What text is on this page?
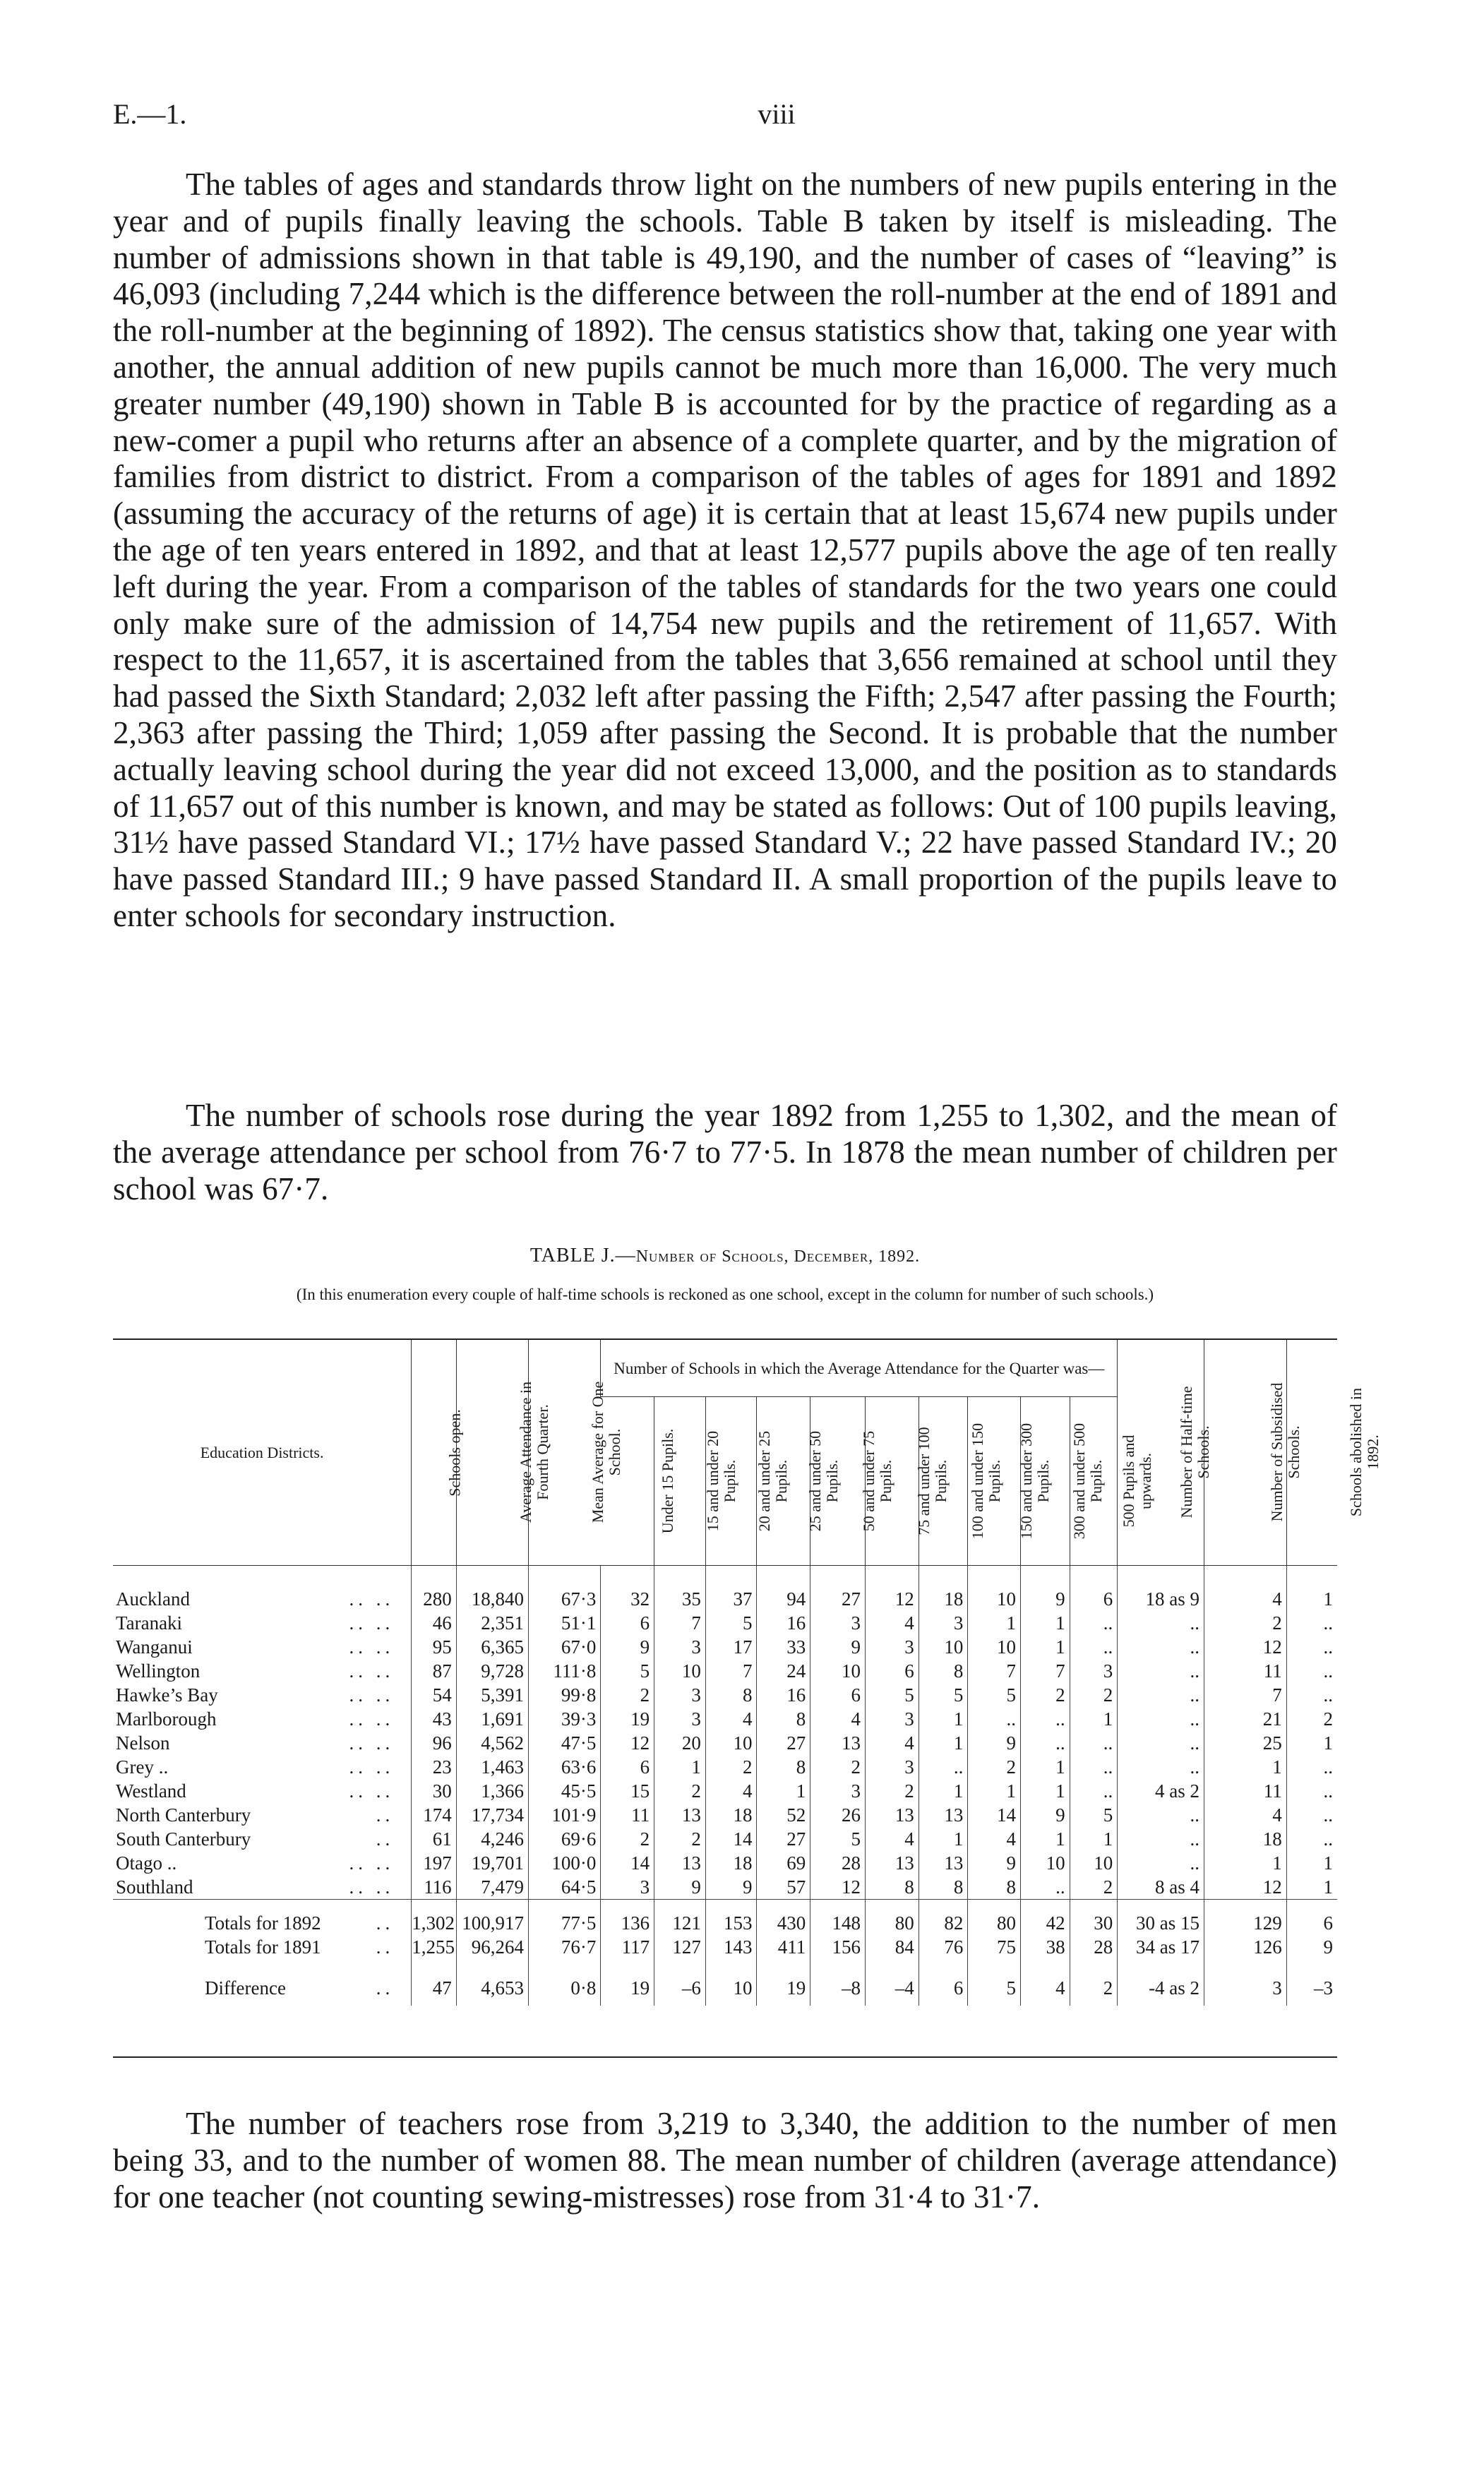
E.—1.	viii

The tables of ages and standards throw light on the numbers of new pupils entering in the year and of pupils finally leaving the schools. Table B taken by itself is misleading. The number of admissions shown in that table is 49,190, and the number of cases of “leaving” is 46,093 (including 7,244 which is the difference between the roll-number at the end of 1891 and the roll-number at the beginning of 1892). The census statistics show that, taking one year with another, the annual addition of new pupils cannot be much more than 16,000. The very much greater number (49,190) shown in Table B is accounted for by the practice of regarding as a new-comer a pupil who returns after an absence of a complete quarter, and by the migration of families from district to district. From a comparison of the tables of ages for 1891 and 1892 (assuming the accuracy of the returns of age) it is certain that at least 15,674 new pupils under the age of ten years entered in 1892, and that at least 12,577 pupils above the age of ten really left during the year. From a comparison of the tables of standards for the two years one could only make sure of the admission of 14,754 new pupils and the retirement of 11,657. With respect to the 11,657, it is ascertained from the tables that 3,656 remained at school until they had passed the Sixth Standard; 2,032 left after passing the Fifth; 2,547 after passing the Fourth; 2,363 after passing the Third; 1,059 after passing the Second. It is probable that the number actually leaving school during the year did not exceed 13,000, and the position as to standards of 11,657 out of this number is known, and may be stated as follows: Out of 100 pupils leaving, 31½ have passed Standard VI.; 17½ have passed Standard V.; 22 have passed Standard IV.; 20 have passed Standard III.; 9 have passed Standard II. A small proportion of the pupils leave to enter schools for secondary instruction.

The number of schools rose during the year 1892 from 1,255 to 1,302, and the mean of the average attendance per school from 76·7 to 77·5. In 1878 the mean number of children per school was 67·7.

TABLE J.—Number of Schools, December, 1892.
(In this enumeration every couple of half-time schools is reckoned as one school, except in the column for number of such schools.)
Education Districts.	Schools open.	Average Attendance in Fourth Quarter.	Mean Average for One School.	Number of Schools in which the Average Attendance for the Quarter was—										Number of Half-time Schools.	Number of Subsidised Schools.	Schools abolished in 1892.
				Under 15 Pupils.	15 and under 20 Pupils.	20 and under 25 Pupils.	25 and under 50 Pupils.	50 and under 75 Pupils.	75 and under 100 Pupils.	100 and under 150 Pupils.	150 and under 300 Pupils.	300 and under 500 Pupils.	500 Pupils and upwards.			

Auckland .. ..	280	18,840	67·3	32	35	37	94	27	12	18	10	9	6	18 as 9	4	1
Taranaki .. ..	46	2,351	51·1	6	7	5	16	3	4	3	1	1	..	..	2	..
Wanganui .. ..	95	6,365	67·0	9	3	17	33	9	3	10	10	1	..	..	12	..
Wellington .. ..	87	9,728	111·8	5	10	7	24	10	6	8	7	7	3	..	11	..
Hawke’s Bay .. ..	54	5,391	99·8	2	3	8	16	6	5	5	5	2	2	..	7	..
Marlborough .. ..	43	1,691	39·3	19	3	4	8	4	3	1	..	..	1	..	21	2
Nelson .. ..	96	4,562	47·5	12	20	10	27	13	4	1	9	..	..	..	25	1
Grey .. .. ..	23	1,463	63·6	6	1	2	8	2	3	..	2	1	..	..	1	..
Westland .. ..	30	1,366	45·5	15	2	4	1	3	2	1	1	1	..	4 as 2	11	..
North Canterbury ..	174	17,734	101·9	11	13	18	52	26	13	13	14	9	5	..	4	..
South Canterbury ..	61	4,246	69·6	2	2	14	27	5	4	1	4	1	1	..	18	..
Otago .. .. ..	197	19,701	100·0	14	13	18	69	28	13	13	9	10	10	..	1	1
Southland .. ..	116	7,479	64·5	3	9	9	57	12	8	8	8	..	2	8 as 4	12	1

Totals for 1892 ..	1,302	100,917	77·5	136	121	153	430	148	80	82	80	42	30	30 as 15	129	6
Totals for 1891 ..	1,255	96,264	76·7	117	127	143	411	156	84	76	75	38	28	34 as 17	126	9

Difference ..	47	4,653	0·8	19	–6	10	19	–8	–4	6	5	4	2	-4 as 2	3	–3

The number of teachers rose from 3,219 to 3,340, the addition to the number of men being 33, and to the number of women 88. The mean number of children (average attendance) for one teacher (not counting sewing-mistresses) rose from 31·4 to 31·7.
